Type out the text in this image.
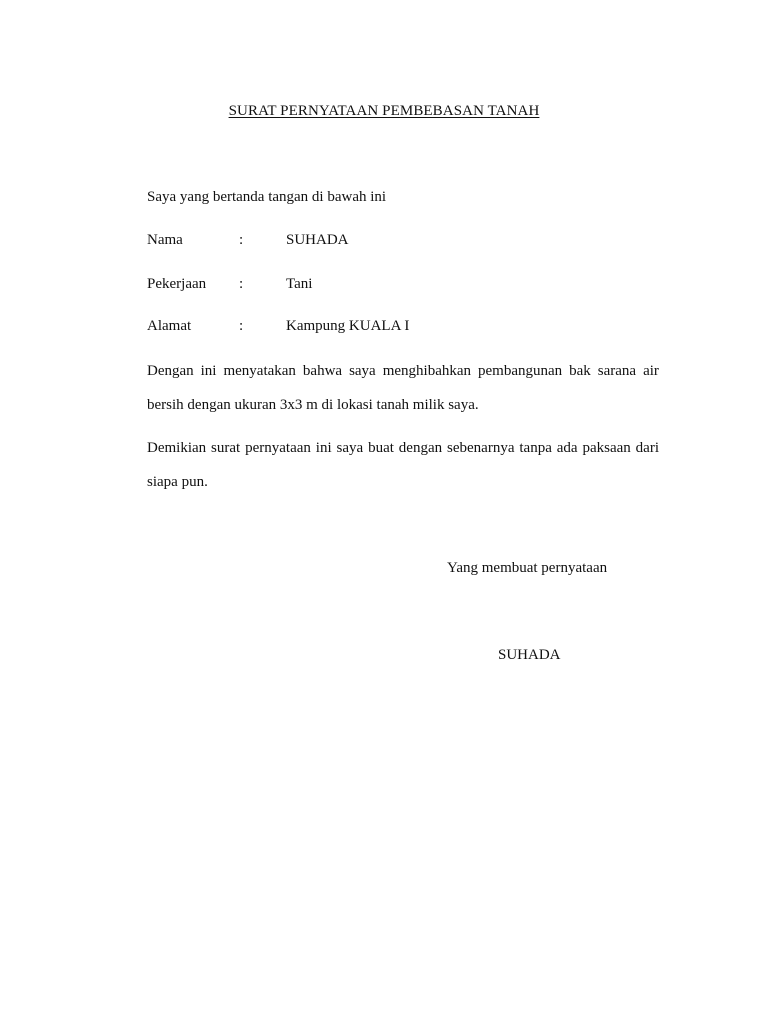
SURAT PERNYATAAN PEMBEBASAN TANAH
Saya yang bertanda tangan di bawah ini
Nama	:	SUHADA
Pekerjaan :	Tani
Alamat	:	Kampung KUALA I
Dengan ini menyatakan bahwa saya menghibahkan pembangunan bak sarana air
bersih dengan ukuran 3x3 m di lokasi tanah milik saya.
Demikian surat pernyataan ini saya buat dengan sebenarnya tanpa ada paksaan dari
siapa pun.
Yang membuat pernyataan
SUHADA
